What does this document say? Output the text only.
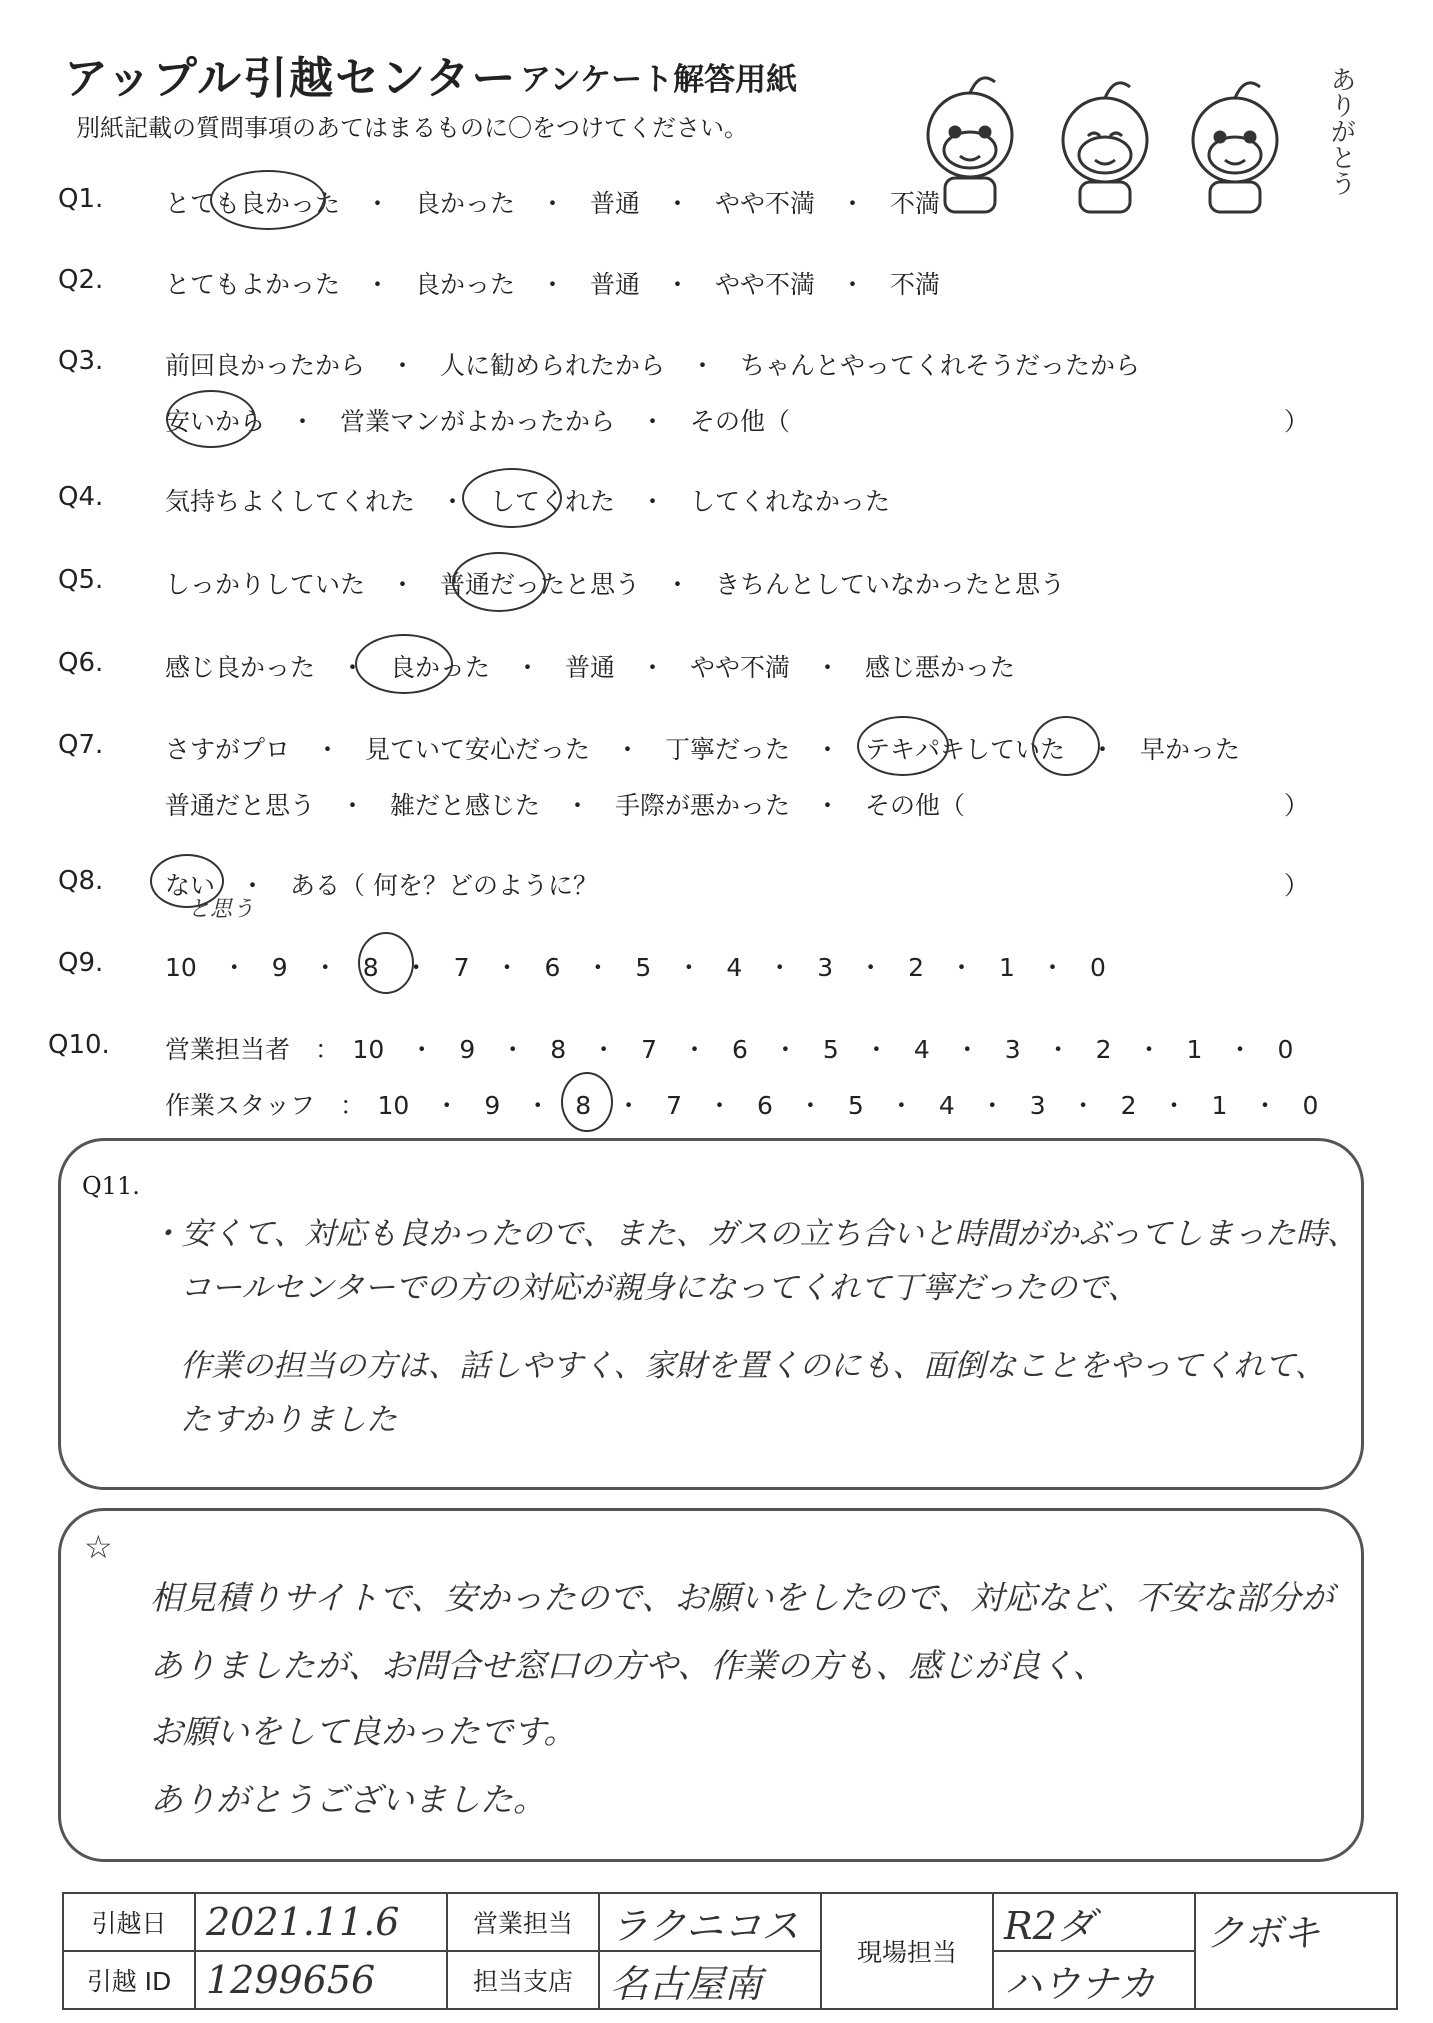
アップル引越センター アンケート解答用紙
別紙記載の質問事項のあてはまるものに〇をつけてください。	ありがとう
Q1. とても良かった　・　良かった　・　普通　・　やや不満　・　不満
Q2. とてもよかった　・　良かった　・　普通　・　やや不満　・　不満
Q3. 前回良かったから　・　人に勧められたから　・　ちゃんとやってくれそうだったから
安いから　・　営業マンがよかったから　・　その他（	）
Q4. 気持ちよくしてくれた　・　してくれた　・　してくれなかった
Q5. しっかりしていた　・　普通だったと思う　・　きちんとしていなかったと思う
Q6. 感じ良かった　・　良かった　・　普通　・　やや不満　・　感じ悪かった
Q7. さすがプロ　・　見ていて安心だった　・　丁寧だった　・　テキパキしていた　・　早かった
普通だと思う　・　雑だと感じた　・　手際が悪かった　・　その他（	）
Q8. ない　・　ある（ 何を？どのように？	）
と思う
Q9. 10　・　9　・　8　・　7　・　6　・　5　・　4　・　3　・　2　・　1　・　0
Q10. 営業担当者　：　10　・　9　・　8　・　7　・　6　・　5　・　4　・　3　・　2　・　1　・　0
作業スタッフ　：　10　・　9　・　8　・　7　・　6　・　5　・　4　・　3　・　2　・　1　・　0
Q11.
・安くて、対応も良かったので、また、ガスの立ち合いと時間がかぶってしまった時、
コールセンターでの方の対応が親身になってくれて丁寧だったので、
作業の担当の方は、話しやすく、家財を置くのにも、面倒なことをやってくれて、
たすかりました
☆
相見積りサイトで、安かったので、お願いをしたので、対応など、不安な部分が
ありましたが、お問合せ窓口の方や、作業の方も、感じが良く、
お願いをして良かったです。
ありがとうございました。
引越日	2021.11.6	営業担当	ラクニコス	現場担当	R2ダ	クボキ
引越 ID	1299656	担当支店	名古屋南		ハウナカ	
